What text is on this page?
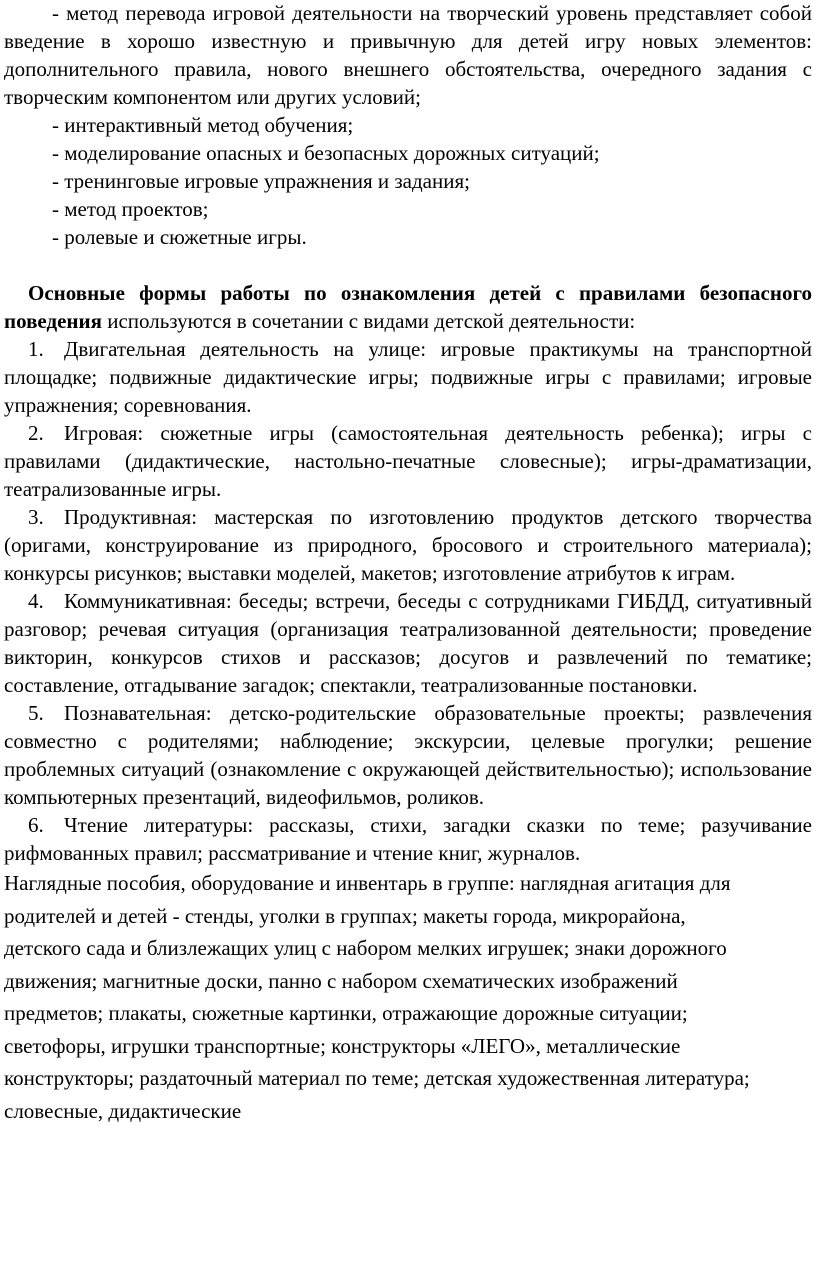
- метод перевода игровой деятельности на творческий уровень представляет собой введение в хорошо известную и привычную для детей игру новых элементов: дополнительного правила, нового внешнего обстоятельства, очередного задания с творческим компонентом или других условий;

- интерактивный метод обучения;

- моделирование опасных и безопасных дорожных ситуаций;

- тренинговые игровые упражнения и задания;

- метод проектов;

- ролевые и сюжетные игры.

Основные формы работы по ознакомления детей с правилами безопасного поведения используются в сочетании с видами детской деятельности:

1. Двигательная деятельность на улице: игровые практикумы на транспортной площадке; подвижные дидактические игры; подвижные игры с правилами; игровые упражнения; соревнования.

2. Игровая: сюжетные игры (самостоятельная деятельность ребенка); игры с правилами (дидактические, настольно-печатные словесные); игры-драматизации, театрализованные игры.

3. Продуктивная: мастерская по изготовлению продуктов детского творчества (оригами, конструирование из природного, бросового и строительного материала); конкурсы рисунков; выставки моделей, макетов; изготовление атрибутов к играм.

4. Коммуникативная: беседы; встречи, беседы с сотрудниками ГИБДД, ситуативный разговор; речевая ситуация (организация театрализованной деятельности; проведение викторин, конкурсов стихов и рассказов; досугов и развлечений по тематике; составление, отгадывание загадок; спектакли, театрализованные постановки.

5. Познавательная: детско-родительские образовательные проекты; развлечения совместно с родителями; наблюдение; экскурсии, целевые прогулки; решение проблемных ситуаций (ознакомление с окружающей действительностью); использование компьютерных презентаций, видеофильмов, роликов.

6. Чтение литературы: рассказы, стихи, загадки сказки по теме; разучивание рифмованных правил; рассматривание и чтение книг, журналов.

Наглядные пособия, оборудование и инвентарь в группе: наглядная агитация для родителей и детей - стенды, уголки в группах; макеты города, микрорайона, детского сада и близлежащих улиц с набором мелких игрушек; знаки дорожного движения; магнитные доски, панно с набором схематических изображений предметов; плакаты, сюжетные картинки, отражающие дорожные ситуации; светофоры, игрушки транспортные; конструкторы «ЛЕГО», металлические конструкторы; раздаточный материал по теме; детская художественная литература; словесные, дидактические
